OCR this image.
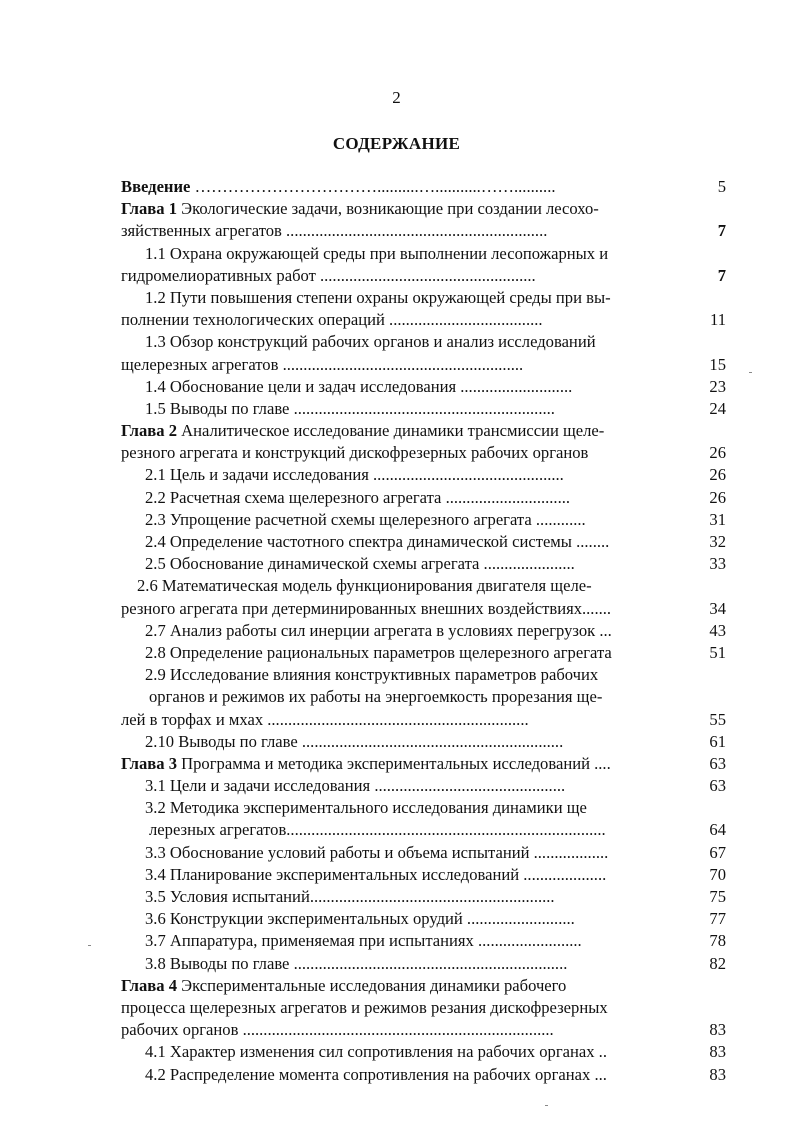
2
СОДЕРЖАНИЕ
Введение ……………………………..........…...........……..........	5
Глава 1 Экологические задачи, возникающие при создании лесохо-
зяйственных агрегатов ...............................................................	7
1.1 Охрана окружающей среды при выполнении лесопожарных и
гидромелиоративных работ ....................................................	7
1.2 Пути повышения степени охраны окружающей среды при вы-
полнении технологических операций .....................................	11
1.3 Обзор конструкций рабочих органов и анализ исследований
щелерезных агрегатов ..........................................................	15
1.4 Обоснование цели и задач исследования ...........................	23
1.5 Выводы по главе ...............................................................	24
Глава 2 Аналитическое исследование динамики трансмиссии щеле-
резного агрегата и конструкций дискофрезерных рабочих органов	26
2.1 Цель и задачи исследования ..............................................	26
2.2 Расчетная схема щелерезного агрегата ..............................	26
2.3 Упрощение расчетной схемы щелерезного агрегата ............	31
2.4 Определение частотного спектра динамической системы ........	32
2.5 Обоснование динамической схемы агрегата ......................	33
2.6 Математическая модель функционирования двигателя щеле-
резного агрегата при детерминированных внешних воздействиях.......	34
2.7 Анализ работы сил инерции агрегата в условиях перегрузок ...	43
2.8 Определение рациональных параметров щелерезного агрегата	51
2.9 Исследование влияния конструктивных параметров рабочих
органов и режимов их работы на энергоемкость прорезания ще-
лей в торфах и мхах ...............................................................	55
2.10 Выводы по главе ...............................................................	61
Глава 3 Программа и методика экспериментальных исследований ....	63
3.1 Цели и задачи исследования ..............................................	63
3.2 Методика экспериментального исследования динамики ще
лерезных агрегатов.............................................................................	64
3.3 Обоснование условий работы и объема испытаний ..................	67
3.4 Планирование экспериментальных исследований ....................	70
3.5 Условия испытаний...........................................................	75
3.6 Конструкции экспериментальных орудий ..........................	77
3.7 Аппаратура, применяемая при испытаниях .........................	78
3.8 Выводы по главе ..................................................................	82
Глава 4 Экспериментальные исследования динамики рабочего
процесса щелерезных агрегатов и режимов резания дискофрезерных
рабочих органов ...........................................................................	83
4.1 Характер изменения сил сопротивления на рабочих органах ..	83
4.2 Распределение момента сопротивления на рабочих органах ...	83
